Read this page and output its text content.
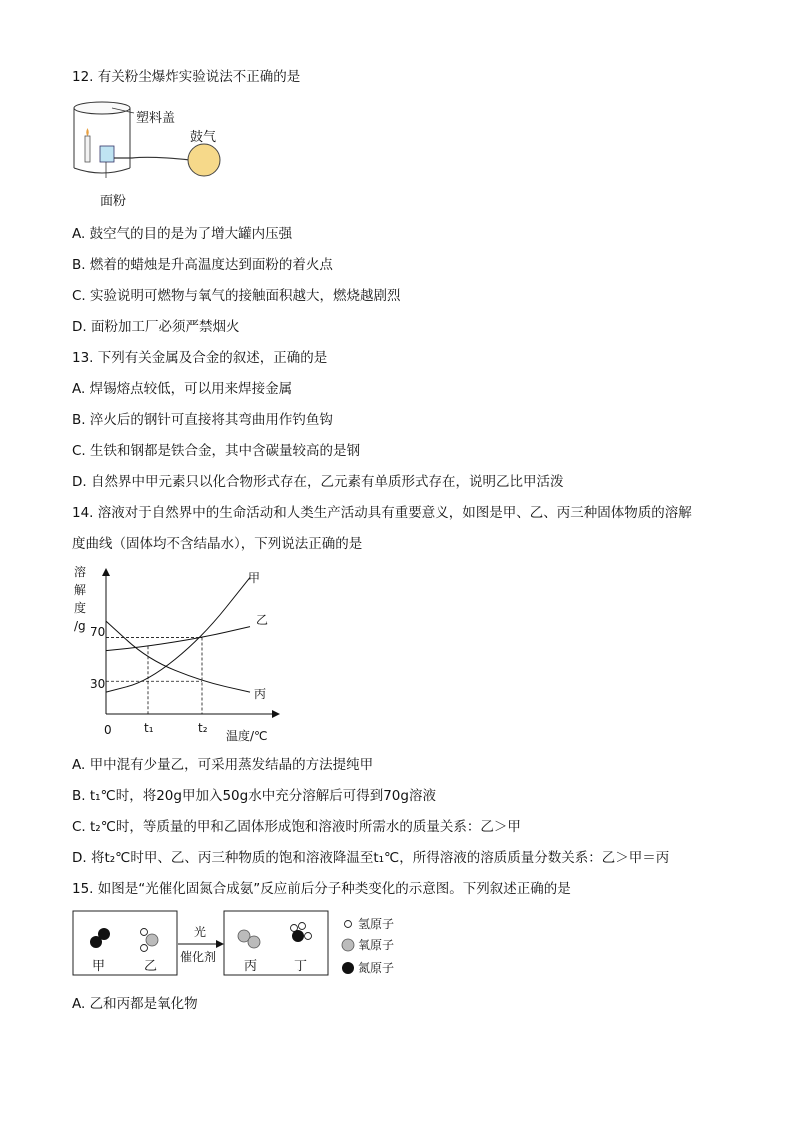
12. 有关粉尘爆炸实验说法不正确的是
塑料盖
鼓气
面粉
A. 鼓空气的目的是为了增大罐内压强
B. 燃着的蜡烛是升高温度达到面粉的着火点
C. 实验说明可燃物与氧气的接触面积越大，燃烧越剧烈
D. 面粉加工厂必须严禁烟火
13. 下列有关金属及合金的叙述，正确的是
A. 焊锡熔点较低，可以用来焊接金属
B. 淬火后的钢针可直接将其弯曲用作钓鱼钩
C. 生铁和钢都是铁合金，其中含碳量较高的是钢
D. 自然界中甲元素只以化合物形式存在，乙元素有单质形式存在，说明乙比甲活泼
14. 溶液对于自然界中的生命活动和人类生产活动具有重要意义，如图是甲、乙、丙三种固体物质的溶解
度曲线（固体均不含结晶水），下列说法正确的是
溶
解
度
/g 70
30
0	t₁	t₂
温度/℃
甲
乙
丙
A. 甲中混有少量乙，可采用蒸发结晶的方法提纯甲
B. t₁℃时，将20g甲加入50g水中充分溶解后可得到70g溶液
C. t₂℃时，等质量的甲和乙固体形成饱和溶液时所需水的质量关系：乙＞甲
D. 将t₂℃时甲、乙、丙三种物质的饱和溶液降温至t₁℃，所得溶液的溶质质量分数关系：乙＞甲＝丙
15. 如图是“光催化固氮合成氨”反应前后分子种类变化的示意图。下列叙述正确的是
甲	乙	丙	丁
光
催化剂
氢原子
氧原子
氮原子
A. 乙和丙都是氧化物
